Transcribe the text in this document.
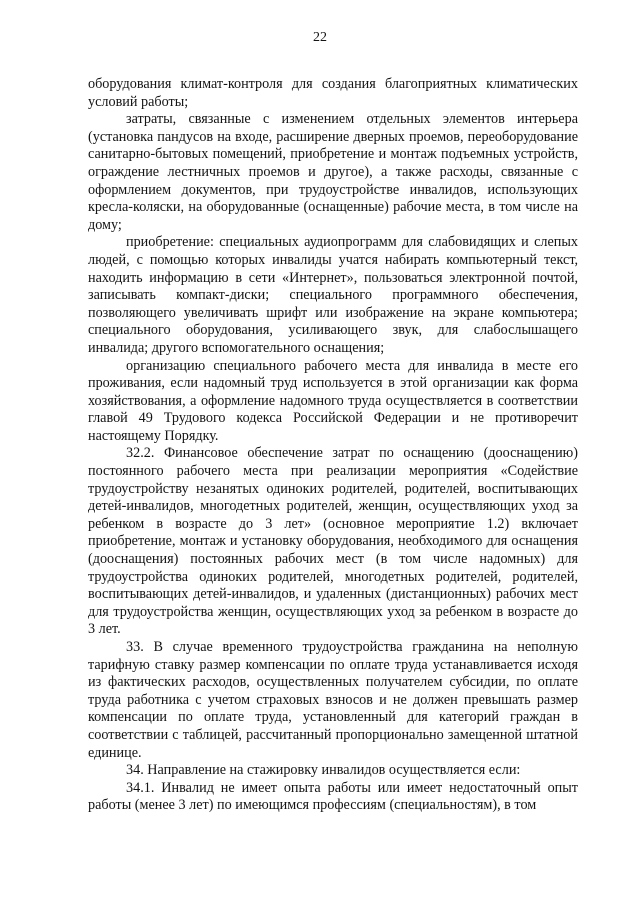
22

оборудования климат-контроля для создания благоприятных климатических условий работы;

затраты, связанные с изменением отдельных элементов интерьера (установка пандусов на входе, расширение дверных проемов, переоборудование санитарно-бытовых помещений, приобретение и монтаж подъемных устройств, ограждение лестничных проемов и другое), а также расходы, связанные с оформлением документов, при трудоустройстве инвалидов, использующих кресла-коляски, на оборудованные (оснащенные) рабочие места, в том числе на дому;

приобретение: специальных аудиопрограмм для слабовидящих и слепых людей, с помощью которых инвалиды учатся набирать компьютерный текст, находить информацию в сети «Интернет», пользоваться электронной почтой, записывать компакт-диски; специального программного обеспечения, позволяющего увеличивать шрифт или изображение на экране компьютера; специального оборудования, усиливающего звук, для слабослышащего инвалида; другого вспомогательного оснащения;

организацию специального рабочего места для инвалида в месте его проживания, если надомный труд используется в этой организации как форма хозяйствования, а оформление надомного труда осуществляется в соответствии главой 49 Трудового кодекса Российской Федерации и не противоречит настоящему Порядку.

32.2. Финансовое обеспечение затрат по оснащению (дооснащению) постоянного рабочего места при реализации мероприятия «Содействие трудоустройству незанятых одиноких родителей, родителей, воспитывающих детей-инвалидов, многодетных родителей, женщин, осуществляющих уход за ребенком в возрасте до 3 лет» (основное мероприятие 1.2) включает приобретение, монтаж и установку оборудования, необходимого для оснащения (дооснащения) постоянных рабочих мест (в том числе надомных) для трудоустройства одиноких родителей, многодетных родителей, родителей, воспитывающих детей-инвалидов, и удаленных (дистанционных) рабочих мест для трудоустройства женщин, осуществляющих уход за ребенком в возрасте до 3 лет.

33. В случае временного трудоустройства гражданина на неполную тарифную ставку размер компенсации по оплате труда устанавливается исходя из фактических расходов, осуществленных получателем субсидии, по оплате труда работника с учетом страховых взносов и не должен превышать размер компенсации по оплате труда, установленный для категорий граждан в соответствии с таблицей, рассчитанный пропорционально замещенной штатной единице.

34. Направление на стажировку инвалидов осуществляется если:

34.1. Инвалид не имеет опыта работы или имеет недостаточный опыт работы (менее 3 лет) по имеющимся профессиям (специальностям), в том
